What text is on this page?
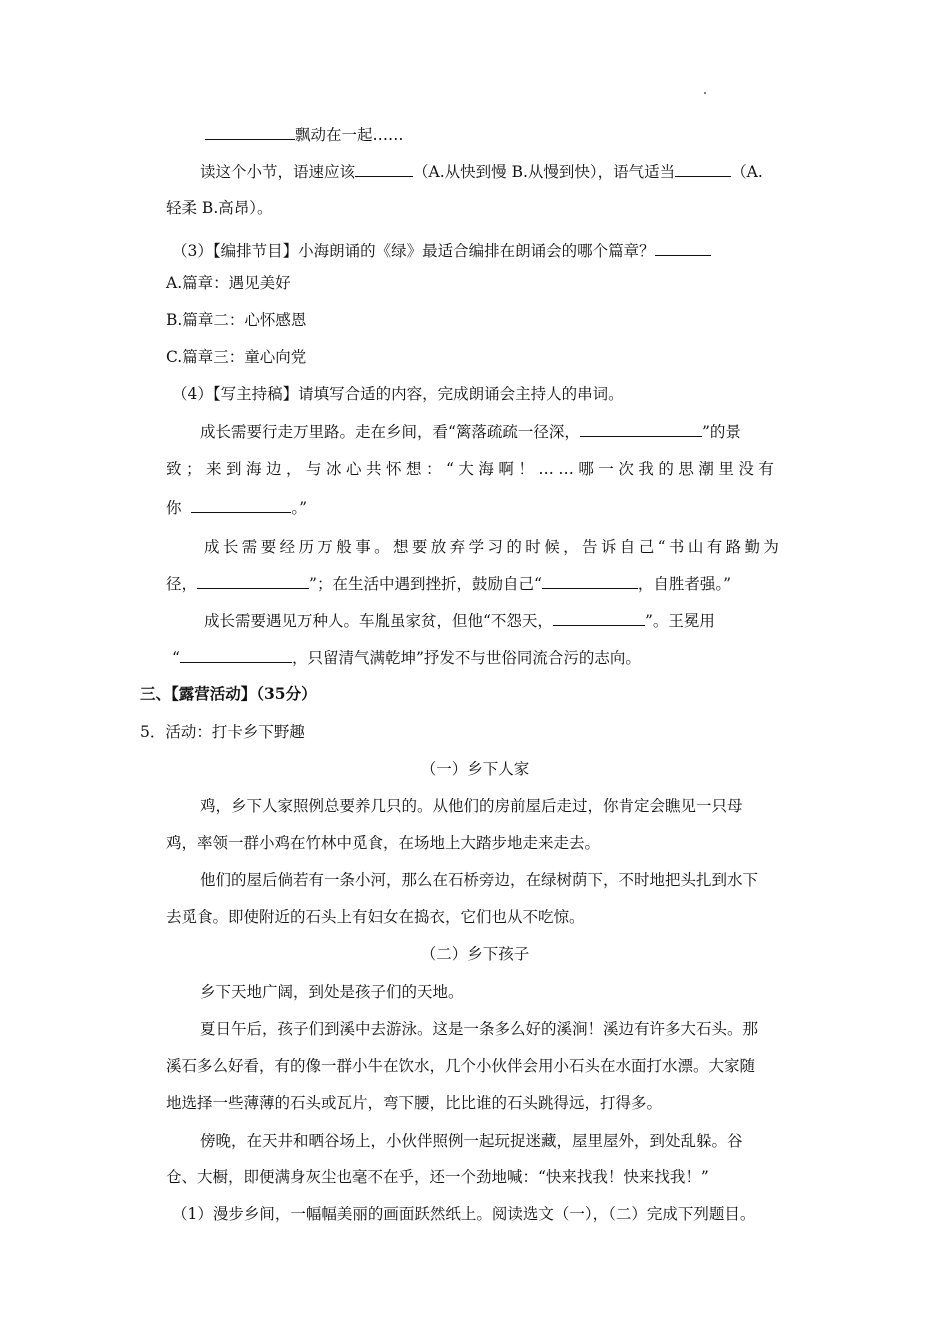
飘动在一起……
读这个小节，语速应该	（A.从快到慢 B.从慢到快），语气适当	（A.
轻柔 B.高昂）。
（3）【编排节目】小海朗诵的《绿》最适合编排在朗诵会的哪个篇章？
A.篇章：遇见美好
B.篇章二：心怀感恩
C.篇章三：童心向党
（4）【写主持稿】请填写合适的内容，完成朗诵会主持人的串词。
成长需要行走万里路。走在乡间，看“篱落疏疏一径深，	”的景
致；来到海边，与冰心共怀想：“大海啊！……哪一次我的思潮里没有
你	。”
成长需要经历万般事。想要放弃学习的时候，告诉自己“书山有路勤为
径，	”；在生活中遇到挫折，鼓励自己“	，自胜者强。”
成长需要遇见万种人。车胤虽家贫，但他“不怨天，	”。王冕用
“	，只留清气满乾坤”抒发不与世俗同流合污的志向。
三、【露营活动】（35分）
5．活动：打卡乡下野趣
（一）乡下人家
鸡，乡下人家照例总要养几只的。从他们的房前屋后走过，你肯定会瞧见一只母
鸡，率领一群小鸡在竹林中觅食，在场地上大踏步地走来走去。
他们的屋后倘若有一条小河，那么在石桥旁边，在绿树荫下，不时地把头扎到水下
去觅食。即使附近的石头上有妇女在捣衣，它们也从不吃惊。
（二）乡下孩子
乡下天地广阔，到处是孩子们的天地。
夏日午后，孩子们到溪中去游泳。这是一条多么好的溪涧！溪边有许多大石头。那
溪石多么好看，有的像一群小牛在饮水，几个小伙伴会用小石头在水面打水漂。大家随
地选择一些薄薄的石头或瓦片，弯下腰，比比谁的石头跳得远，打得多。
傍晚，在天井和晒谷场上，小伙伴照例一起玩捉迷藏，屋里屋外，到处乱躲。谷
仓、大橱，即便满身灰尘也毫不在乎，还一个劲地喊：“快来找我！快来找我！”
（1）漫步乡间，一幅幅美丽的画面跃然纸上。阅读选文（一），（二）完成下列题目。
